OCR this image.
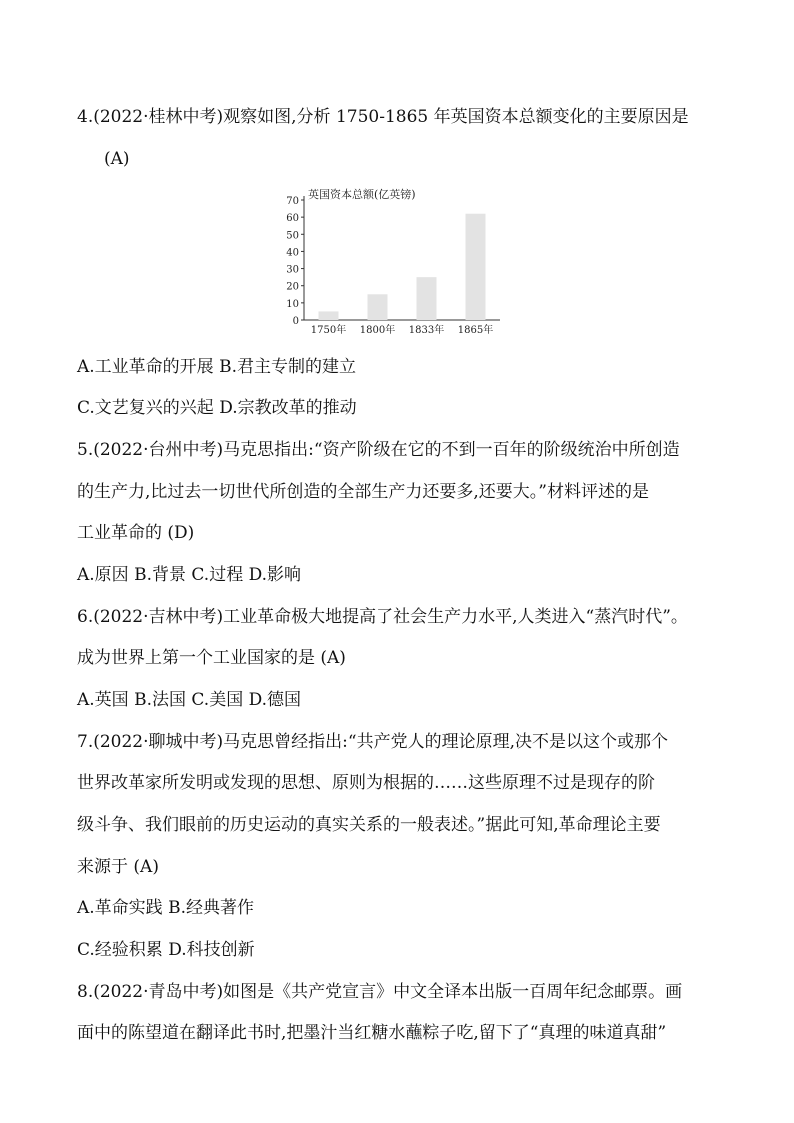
4.(2022·桂林中考)观察如图,分析 1750-1865 年英国资本总额变化的主要原因是
(A)
0
10
20
30
40
50
60
70
英国资本总额(亿英镑)
1750年 1800年 1833年 1865年
A.工业革命的开展 B.君主专制的建立
C.文艺复兴的兴起 D.宗教改革的推动
5.(2022·台州中考)马克思指出:“资产阶级在它的不到一百年的阶级统治中所创造
的生产力,比过去一切世代所创造的全部生产力还要多,还要大。”材料评述的是
工业革命的 (D)
A.原因 B.背景 C.过程 D.影响
6.(2022·吉林中考)工业革命极大地提高了社会生产力水平,人类进入“蒸汽时代”。
成为世界上第一个工业国家的是 (A)
A.英国 B.法国 C.美国 D.德国
7.(2022·聊城中考)马克思曾经指出:“共产党人的理论原理,决不是以这个或那个
世界改革家所发明或发现的思想、原则为根据的……这些原理不过是现存的阶
级斗争、我们眼前的历史运动的真实关系的一般表述。”据此可知,革命理论主要
来源于 (A)
A.革命实践 B.经典著作
C.经验积累 D.科技创新
8.(2022·青岛中考)如图是《共产党宣言》中文全译本出版一百周年纪念邮票。画
面中的陈望道在翻译此书时,把墨汁当红糖水蘸粽子吃,留下了“真理的味道真甜”
